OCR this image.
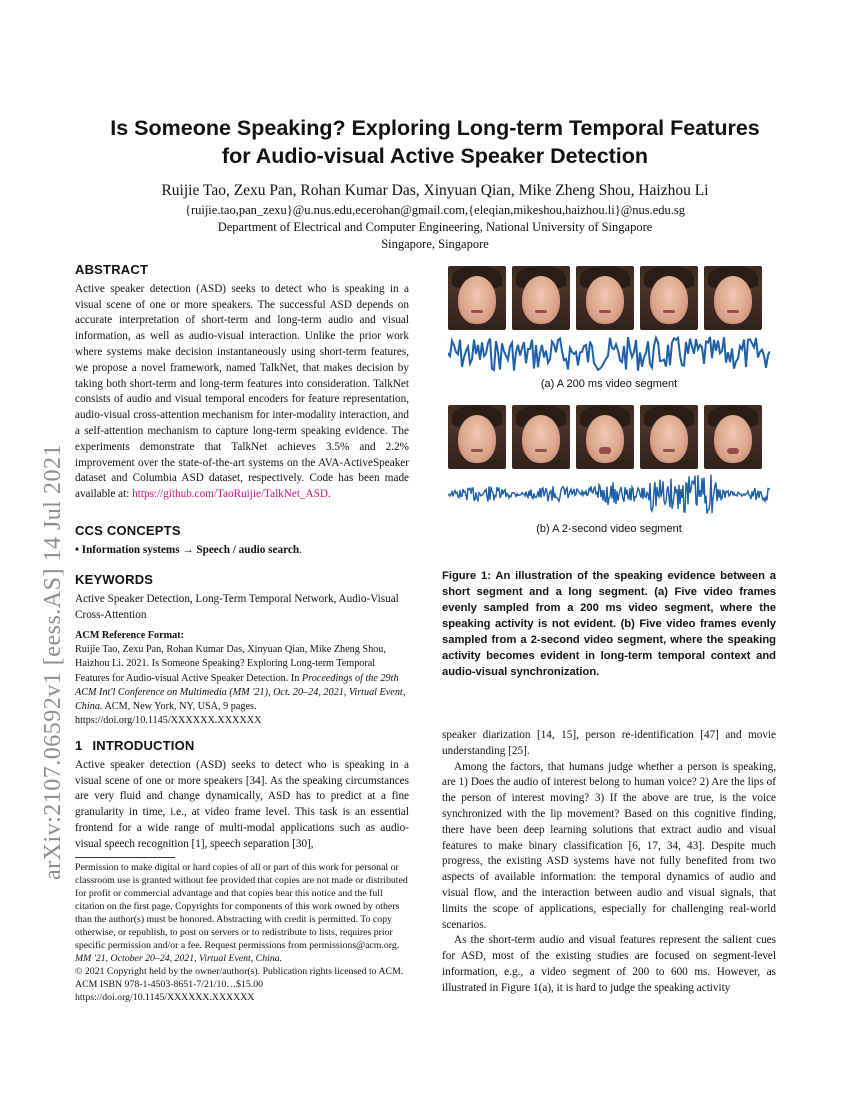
arXiv:2107.06592v1 [eess.AS] 14 Jul 2021
Is Someone Speaking? Exploring Long-term Temporal Features
for Audio-visual Active Speaker Detection
Ruijie Tao, Zexu Pan, Rohan Kumar Das, Xinyuan Qian, Mike Zheng Shou, Haizhou Li
{ruijie.tao,pan_zexu}@u.nus.edu,ecerohan@gmail.com,{eleqian,mikeshou,haizhou.li}@nus.edu.sg
Department of Electrical and Computer Engineering, National University of Singapore
Singapore, Singapore
ABSTRACT

Active speaker detection (ASD) seeks to detect who is speaking in a visual scene of one or more speakers. The successful ASD depends on accurate interpretation of short-term and long-term audio and visual information, as well as audio-visual interaction. Unlike the prior work where systems make decision instantaneously using short-term features, we propose a novel framework, named TalkNet, that makes decision by taking both short-term and long-term features into consideration. TalkNet consists of audio and visual temporal encoders for feature representation, audio-visual cross-attention mechanism for inter-modality interaction, and a self-attention mechanism to capture long-term speaking evidence. The experiments demonstrate that TalkNet achieves 3.5% and 2.2% improvement over the state-of-the-art systems on the AVA-ActiveSpeaker dataset and Columbia ASD dataset, respectively. Code has been made available at: https://github.com/TaoRuijie/TalkNet_ASD.

CCS CONCEPTS

• Information systems → Speech / audio search.

KEYWORDS

Active Speaker Detection, Long-Term Temporal Network, Audio-Visual Cross-Attention

ACM Reference Format:

Ruijie Tao, Zexu Pan, Rohan Kumar Das, Xinyuan Qian, Mike Zheng Shou, Haizhou Li. 2021. Is Someone Speaking? Exploring Long-term Temporal Features for Audio-visual Active Speaker Detection. In Proceedings of the 29th ACM Int'l Conference on Multimedia (MM '21), Oct. 20–24, 2021, Virtual Event, China. ACM, New York, NY, USA, 9 pages. https://doi.org/10.1145/XXXXXX.XXXXXX

1 INTRODUCTION

Active speaker detection (ASD) seeks to detect who is speaking in a visual scene of one or more speakers [34]. As the speaking circumstances are very fluid and change dynamically, ASD has to predict at a fine granularity in time, i.e., at video frame level. This task is an essential frontend for a wide range of multi-modal applications such as audio-visual speech recognition [1], speech separation [30],

Permission to make digital or hard copies of all or part of this work for personal or classroom use is granted without fee provided that copies are not made or distributed for profit or commercial advantage and that copies bear this notice and the full citation on the first page. Copyrights for components of this work owned by others than the author(s) must be honored. Abstracting with credit is permitted. To copy otherwise, or republish, to post on servers or to redistribute to lists, requires prior specific permission and/or a fee. Request permissions from permissions@acm.org.

MM '21, October 20–24, 2021, Virtual Event, China.

© 2021 Copyright held by the owner/author(s). Publication rights licensed to ACM.

ACM ISBN 978-1-4503-8651-7/21/10…$15.00

https://doi.org/10.1145/XXXXXX.XXXXXX

(a) A 200 ms video segment
(b) A 2-second video segment
Figure 1: An illustration of the speaking evidence between a short segment and a long segment. (a) Five video frames evenly sampled from a 200 ms video segment, where the speaking activity is not evident. (b) Five video frames evenly sampled from a 2-second video segment, where the speaking activity becomes evident in long-term temporal context and audio-visual synchronization.

speaker diarization [14, 15], person re-identification [47] and movie understanding [25].

Among the factors, that humans judge whether a person is speaking, are 1) Does the audio of interest belong to human voice? 2) Are the lips of the person of interest moving? 3) If the above are true, is the voice synchronized with the lip movement? Based on this cognitive finding, there have been deep learning solutions that extract audio and visual features to make binary classification [6, 17, 34, 43]. Despite much progress, the existing ASD systems have not fully benefited from two aspects of available information: the temporal dynamics of audio and visual flow, and the interaction between audio and visual signals, that limits the scope of applications, especially for challenging real-world scenarios.

As the short-term audio and visual features represent the salient cues for ASD, most of the existing studies are focused on segment-level information, e.g., a video segment of 200 to 600 ms. However, as illustrated in Figure 1(a), it is hard to judge the speaking activity
